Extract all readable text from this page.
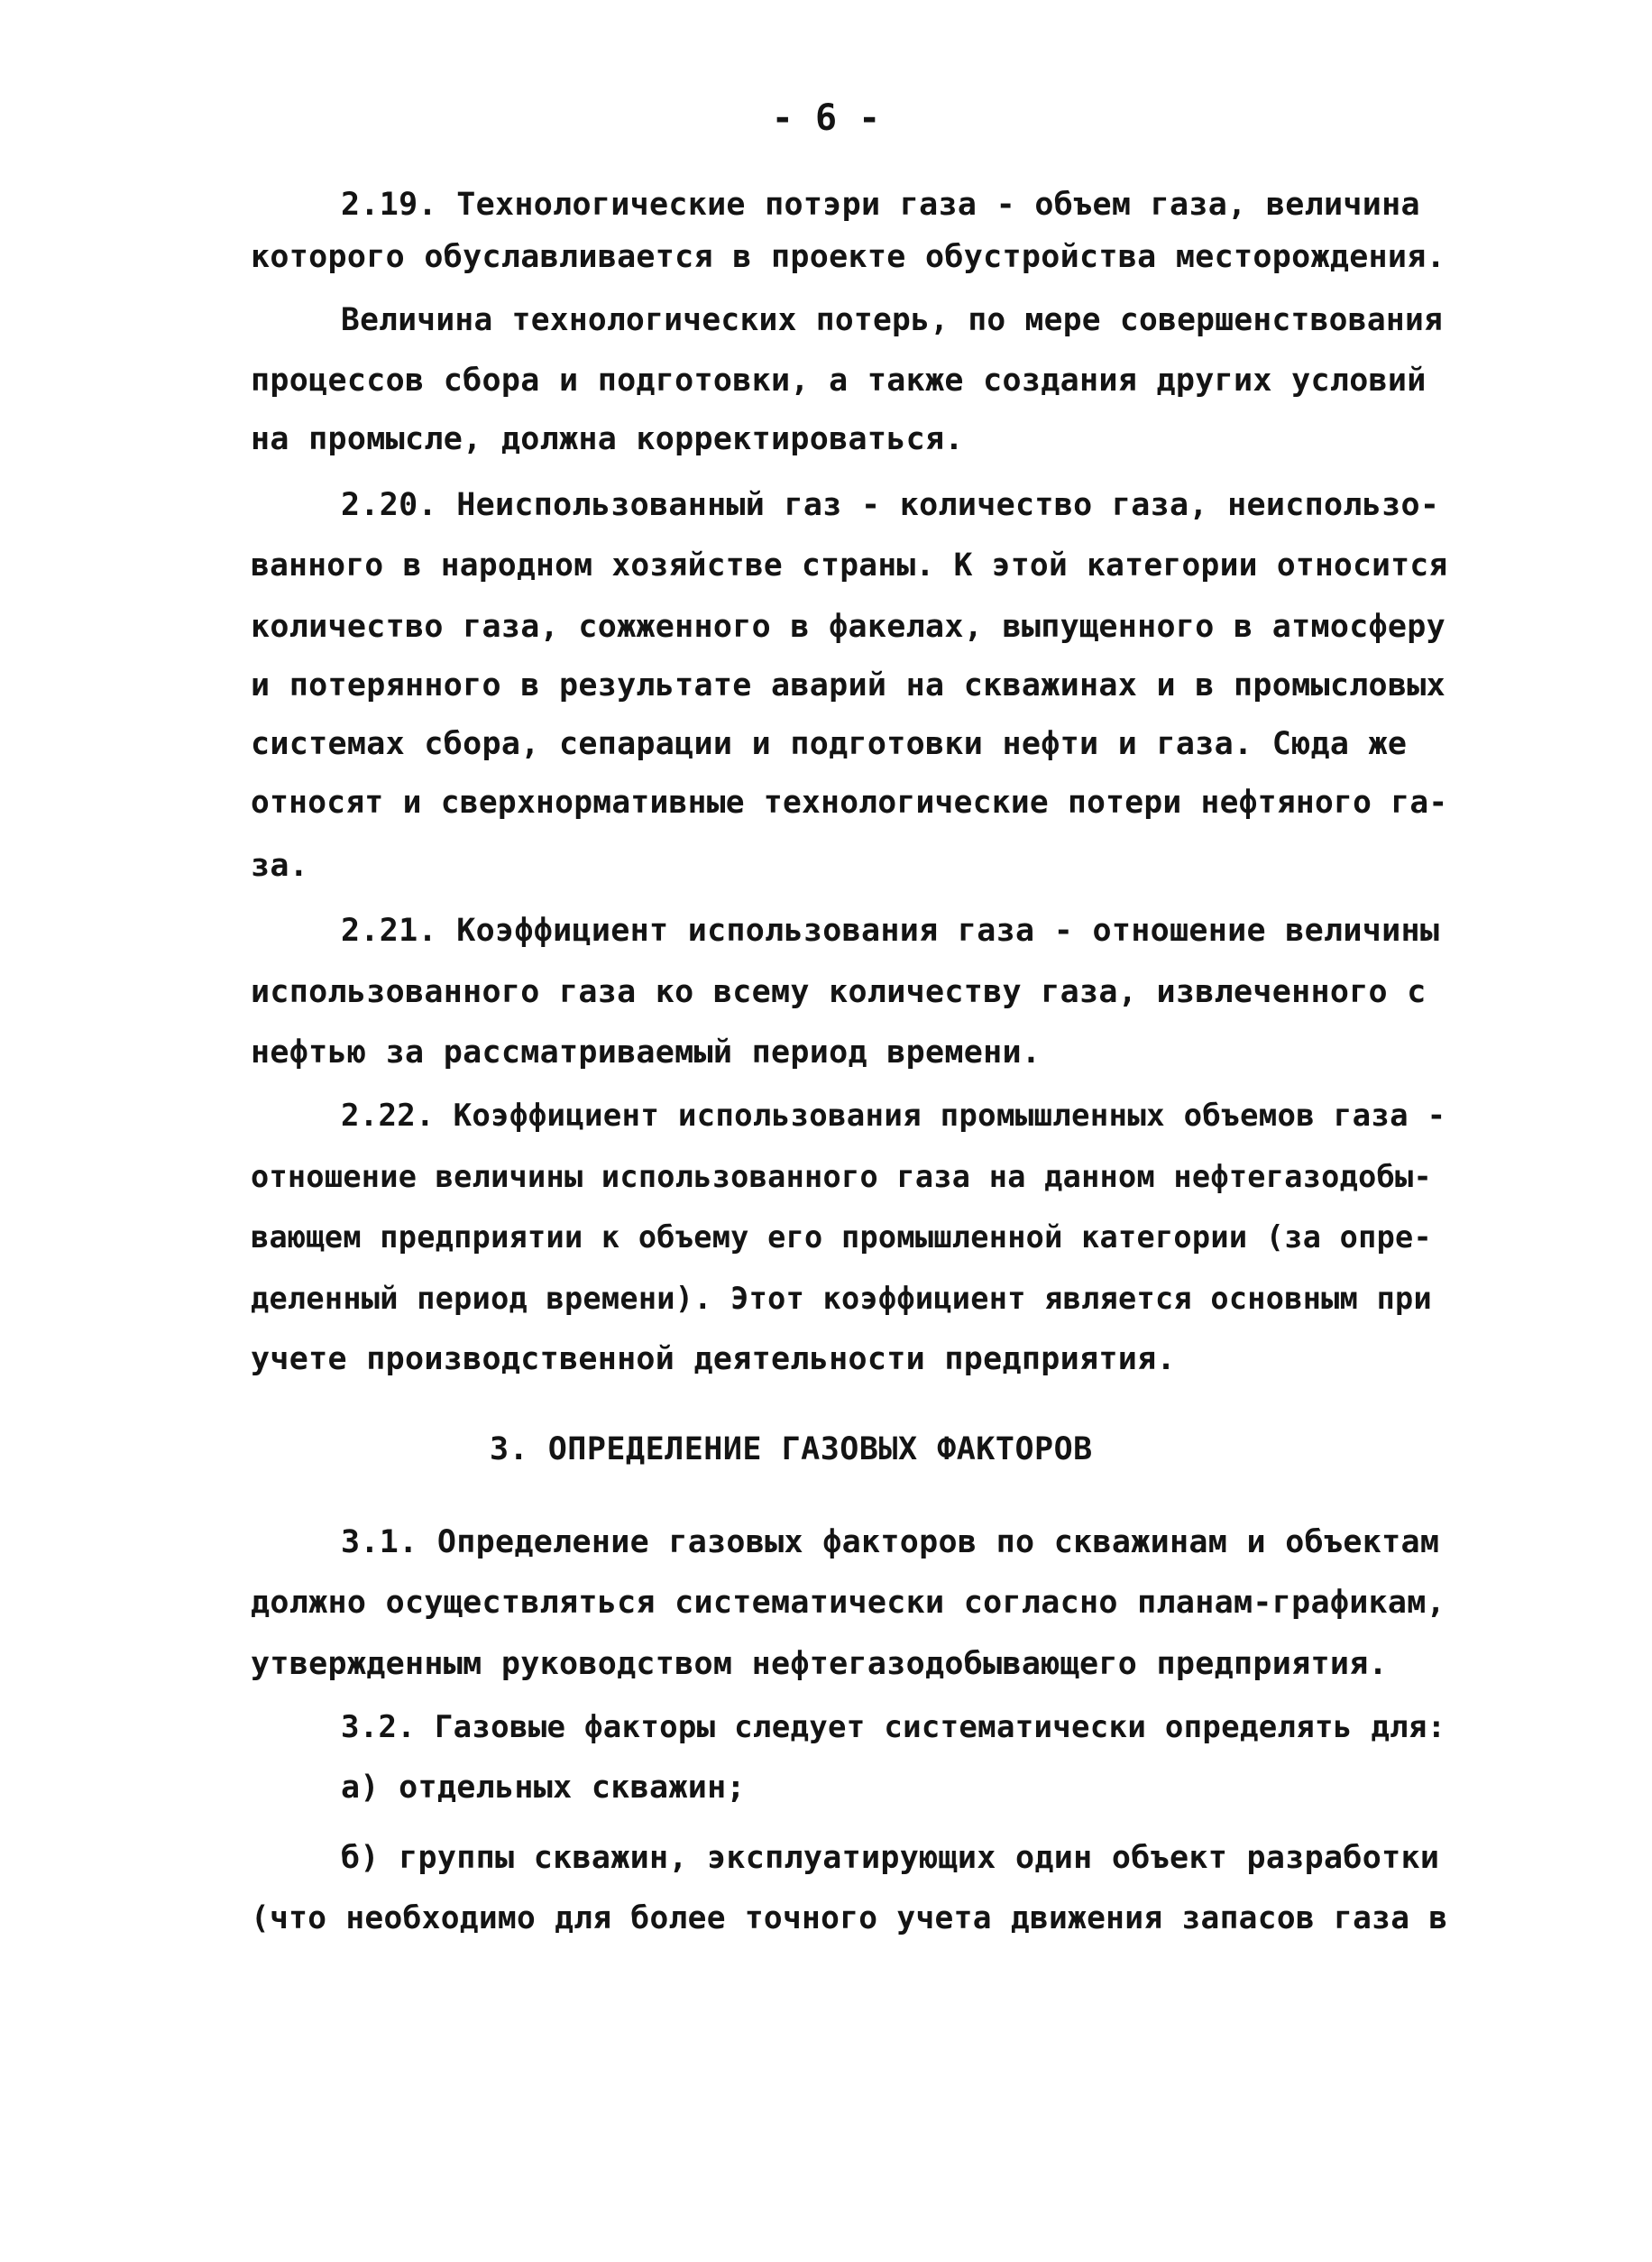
- 6 -
2.19. Технологические потэри газа - объем газа, величина
которого обуславливается в проекте обустройства месторождения.
Величина технологических потерь, по мере совершенствования
процессов сбора и подготовки, а также создания других условий
на промысле, должна корректироваться.
2.20. Неиспользованный газ - количество газа, неиспользо-
ванного в народном хозяйстве страны. К этой категории относится
количество газа, сожженного в факелах, выпущенного в атмосферу
и потерянного в результате аварий на скважинах и в промысловых
системах сбора, сепарации и подготовки нефти и газа. Сюда же
относят и сверхнормативные технологические потери нефтяного га-
за.
2.21. Коэффициент использования газа - отношение величины
использованного газа ко всему количеству газа, извлеченного с
нефтью за рассматриваемый период времени.
2.22. Коэффициент использования промышленных объемов газа -
отношение величины использованного газа на данном нефтегазодобы-
вающем предприятии к объему его промышленной категории (за опре-
деленный период времени). Этот коэффициент является основным при
учете производственной деятельности предприятия.
3. ОПРЕДЕЛЕНИЕ ГАЗОВЫХ ФАКТОРОВ
3.1. Определение газовых факторов по скважинам и объектам
должно осуществляться систематически согласно планам-графикам,
утвержденным руководством нефтегазодобывающего предприятия.
3.2. Газовые факторы следует систематически определять для:
а) отдельных скважин;
б) группы скважин, эксплуатирующих один объект разработки
(что необходимо для более точного учета движения запасов газа в
